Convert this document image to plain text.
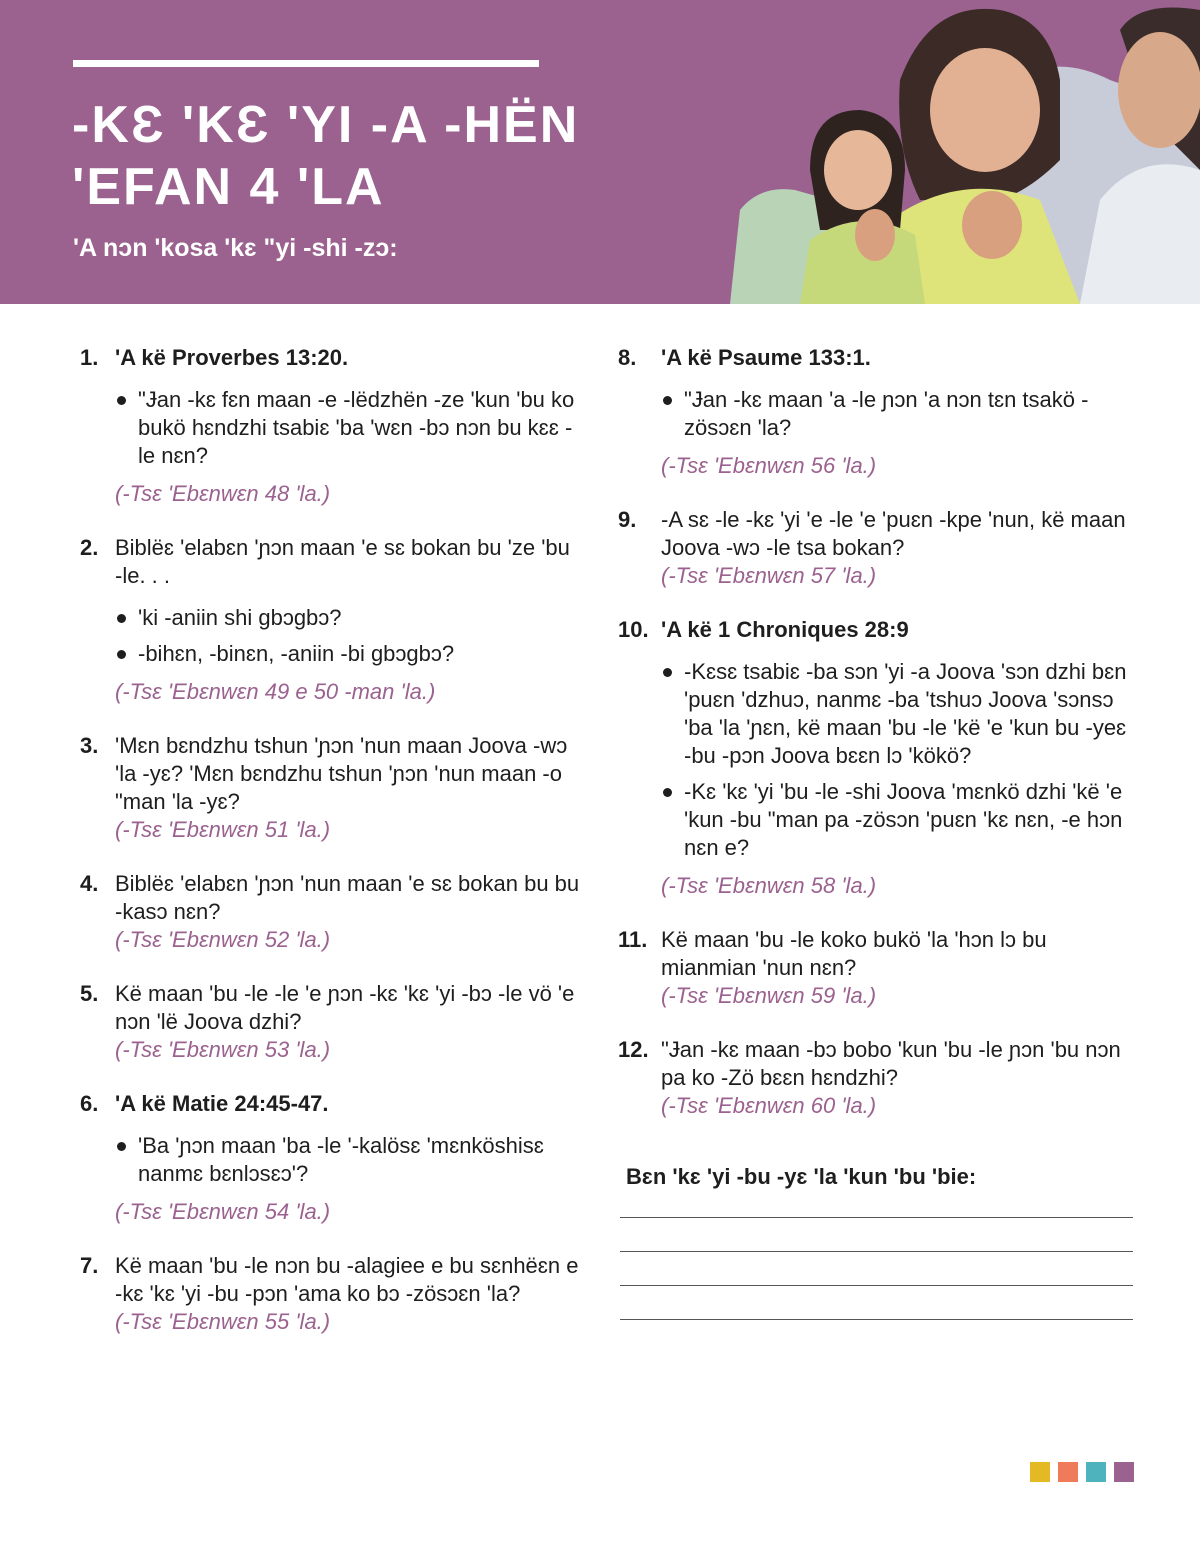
-KƐ 'KƐ 'YI -A -HËN
'EFAN 4 'LA

'A nɔn 'kosa 'kɛ "yi -shi -zɔ:

1. 'A kë Proverbes 13:20.
"Ɉan -kɛ fɛn maan -e -lëdzhën -ze 'kun 'bu ko bukö hɛndzhi tsabiɛ 'ba 'wɛn -bɔ nɔn bu kɛɛ -le nɛn?
(-Tsɛ 'Ebɛnwɛn 48 'la.)
2. Biblëɛ 'elabɛn 'ɲɔn maan 'e sɛ bokan bu 'ze 'bu -le. . .
'ki -aniin shi gbɔgbɔ?
-bihɛn, -binɛn, -aniin -bi gbɔgbɔ?
(-Tsɛ 'Ebɛnwɛn 49 e 50 -man 'la.)
3. 'Mɛn bɛndzhu tshun 'ɲɔn 'nun maan Joova -wɔ 'la -yɛ? 'Mɛn bɛndzhu tshun 'ɲɔn 'nun maan -o "man 'la -yɛ?
(-Tsɛ 'Ebɛnwɛn 51 'la.)
4. Biblëɛ 'elabɛn 'ɲɔn 'nun maan 'e sɛ bokan bu bu -kasɔ nɛn?
(-Tsɛ 'Ebɛnwɛn 52 'la.)
5. Kë maan 'bu -le -le 'e ɲɔn -kɛ 'kɛ 'yi -bɔ -le vö 'e nɔn 'lë Joova dzhi?
(-Tsɛ 'Ebɛnwɛn 53 'la.)
6. 'A kë Matie 24:45-47.
'Ba 'ɲɔn maan 'ba -le '-kalösɛ 'mɛnköshisɛ nanmɛ bɛnlɔsɛɔ'?
(-Tsɛ 'Ebɛnwɛn 54 'la.)
7. Kë maan 'bu -le nɔn bu -alagiee e bu sɛnhëɛn e -kɛ 'kɛ 'yi -bu -pɔn 'ama ko bɔ -zösɔɛn 'la?
(-Tsɛ 'Ebɛnwɛn 55 'la.)
8. 'A kë Psaume 133:1.
"Ɉan -kɛ maan 'a -le ɲɔn 'a nɔn tɛn tsakö -zösɔɛn 'la?
(-Tsɛ 'Ebɛnwɛn 56 'la.)
9. -A sɛ -le -kɛ 'yi 'e -le 'e 'puɛn -kpe 'nun, kë maan Joova -wɔ -le tsa bokan?
(-Tsɛ 'Ebɛnwɛn 57 'la.)
10. 'A kë 1 Chroniques 28:9
-Kɛsɛ tsabiɛ -ba sɔn 'yi -a Joova 'sɔn dzhi bɛn 'puɛn 'dzhuɔ, nanmɛ -ba 'tshuɔ Joova 'sɔnsɔ 'ba 'la 'ɲɛn, kë maan 'bu -le 'kë 'e 'kun bu -yeɛ -bu -pɔn Joova bɛɛn lɔ 'kökö?
-Kɛ 'kɛ 'yi 'bu -le -shi Joova 'mɛnkö dzhi 'kë 'e 'kun -bu "man pa -zösɔn 'puɛn 'kɛ nɛn, -e hɔn nɛn e?
(-Tsɛ 'Ebɛnwɛn 58 'la.)
11. Kë maan 'bu -le koko bukö 'la 'hɔn lɔ bu mianmian 'nun nɛn?
(-Tsɛ 'Ebɛnwɛn 59 'la.)
12. "Ɉan -kɛ maan -bɔ bobo 'kun 'bu -le ɲɔn 'bu nɔn pa ko -Zö bɛɛn hɛndzhi?
(-Tsɛ 'Ebɛnwɛn 60 'la.)

Bɛn 'kɛ 'yi -bu -yɛ 'la 'kun 'bu 'bie:
